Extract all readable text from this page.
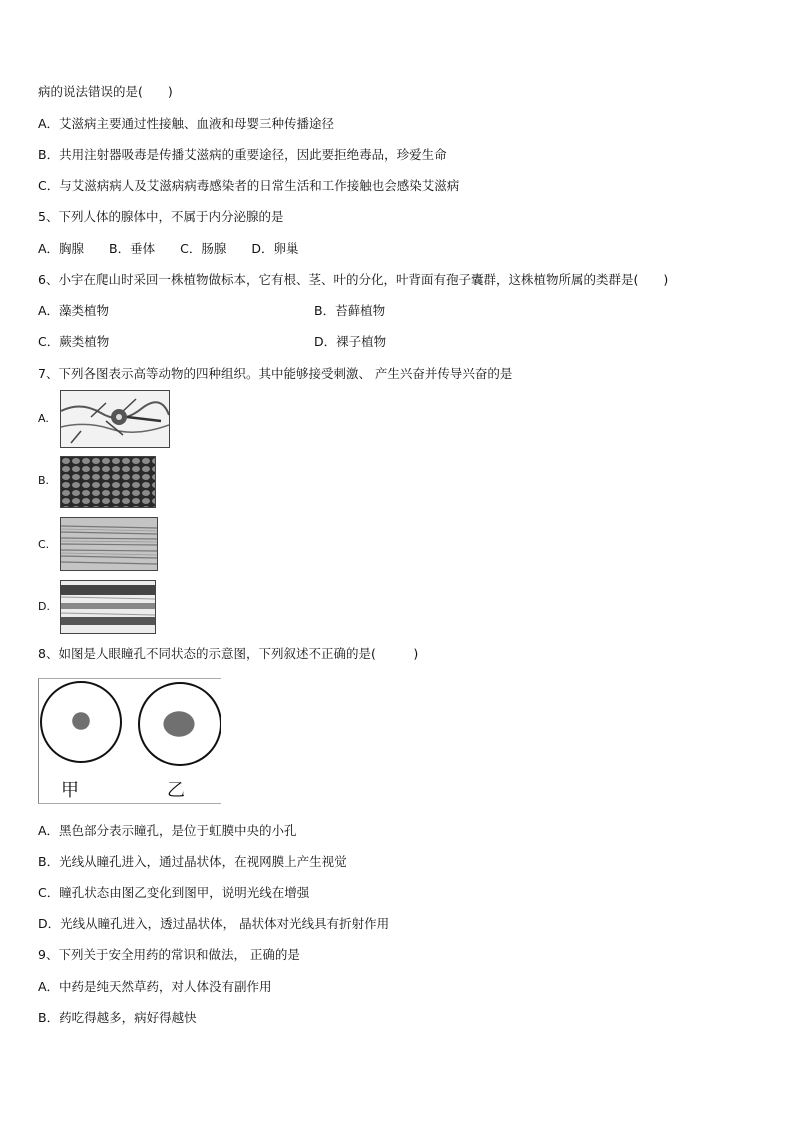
病的说法错误的是(　　)
A．艾滋病主要通过性接触、血液和母婴三种传播途径
B．共用注射器吸毒是传播艾滋病的重要途径，因此要拒绝毒品，珍爱生命
C．与艾滋病病人及艾滋病病毒感染者的日常生活和工作接触也会感染艾滋病
5、下列人体的腺体中，不属于内分泌腺的是
A．胸腺　　B．垂体　　C．肠腺　　D．卵巢
6、小宇在爬山时采回一株植物做标本，它有根、茎、叶的分化，叶背面有孢子囊群，这株植物所属的类群是(　　)
A．藻类植物	B．苔藓植物
C．蕨类植物	D．裸子植物
7、下列各图表示高等动物的四种组织。其中能够接受刺激、 产生兴奋并传导兴奋的是
A.
B.
C.
D.
8、如图是人眼瞳孔不同状态的示意图，下列叙述不正确的是(　　　)
甲	乙
A．黑色部分表示瞳孔，是位于虹膜中央的小孔
B．光线从瞳孔进入，通过晶状体，在视网膜上产生视觉
C．瞳孔状态由图乙变化到图甲，说明光线在增强
D．光线从瞳孔进入，透过晶状体， 晶状体对光线具有折射作用
9、下列关于安全用药的常识和做法， 正确的是
A．中药是纯天然草药，对人体没有副作用
B．药吃得越多，病好得越快
